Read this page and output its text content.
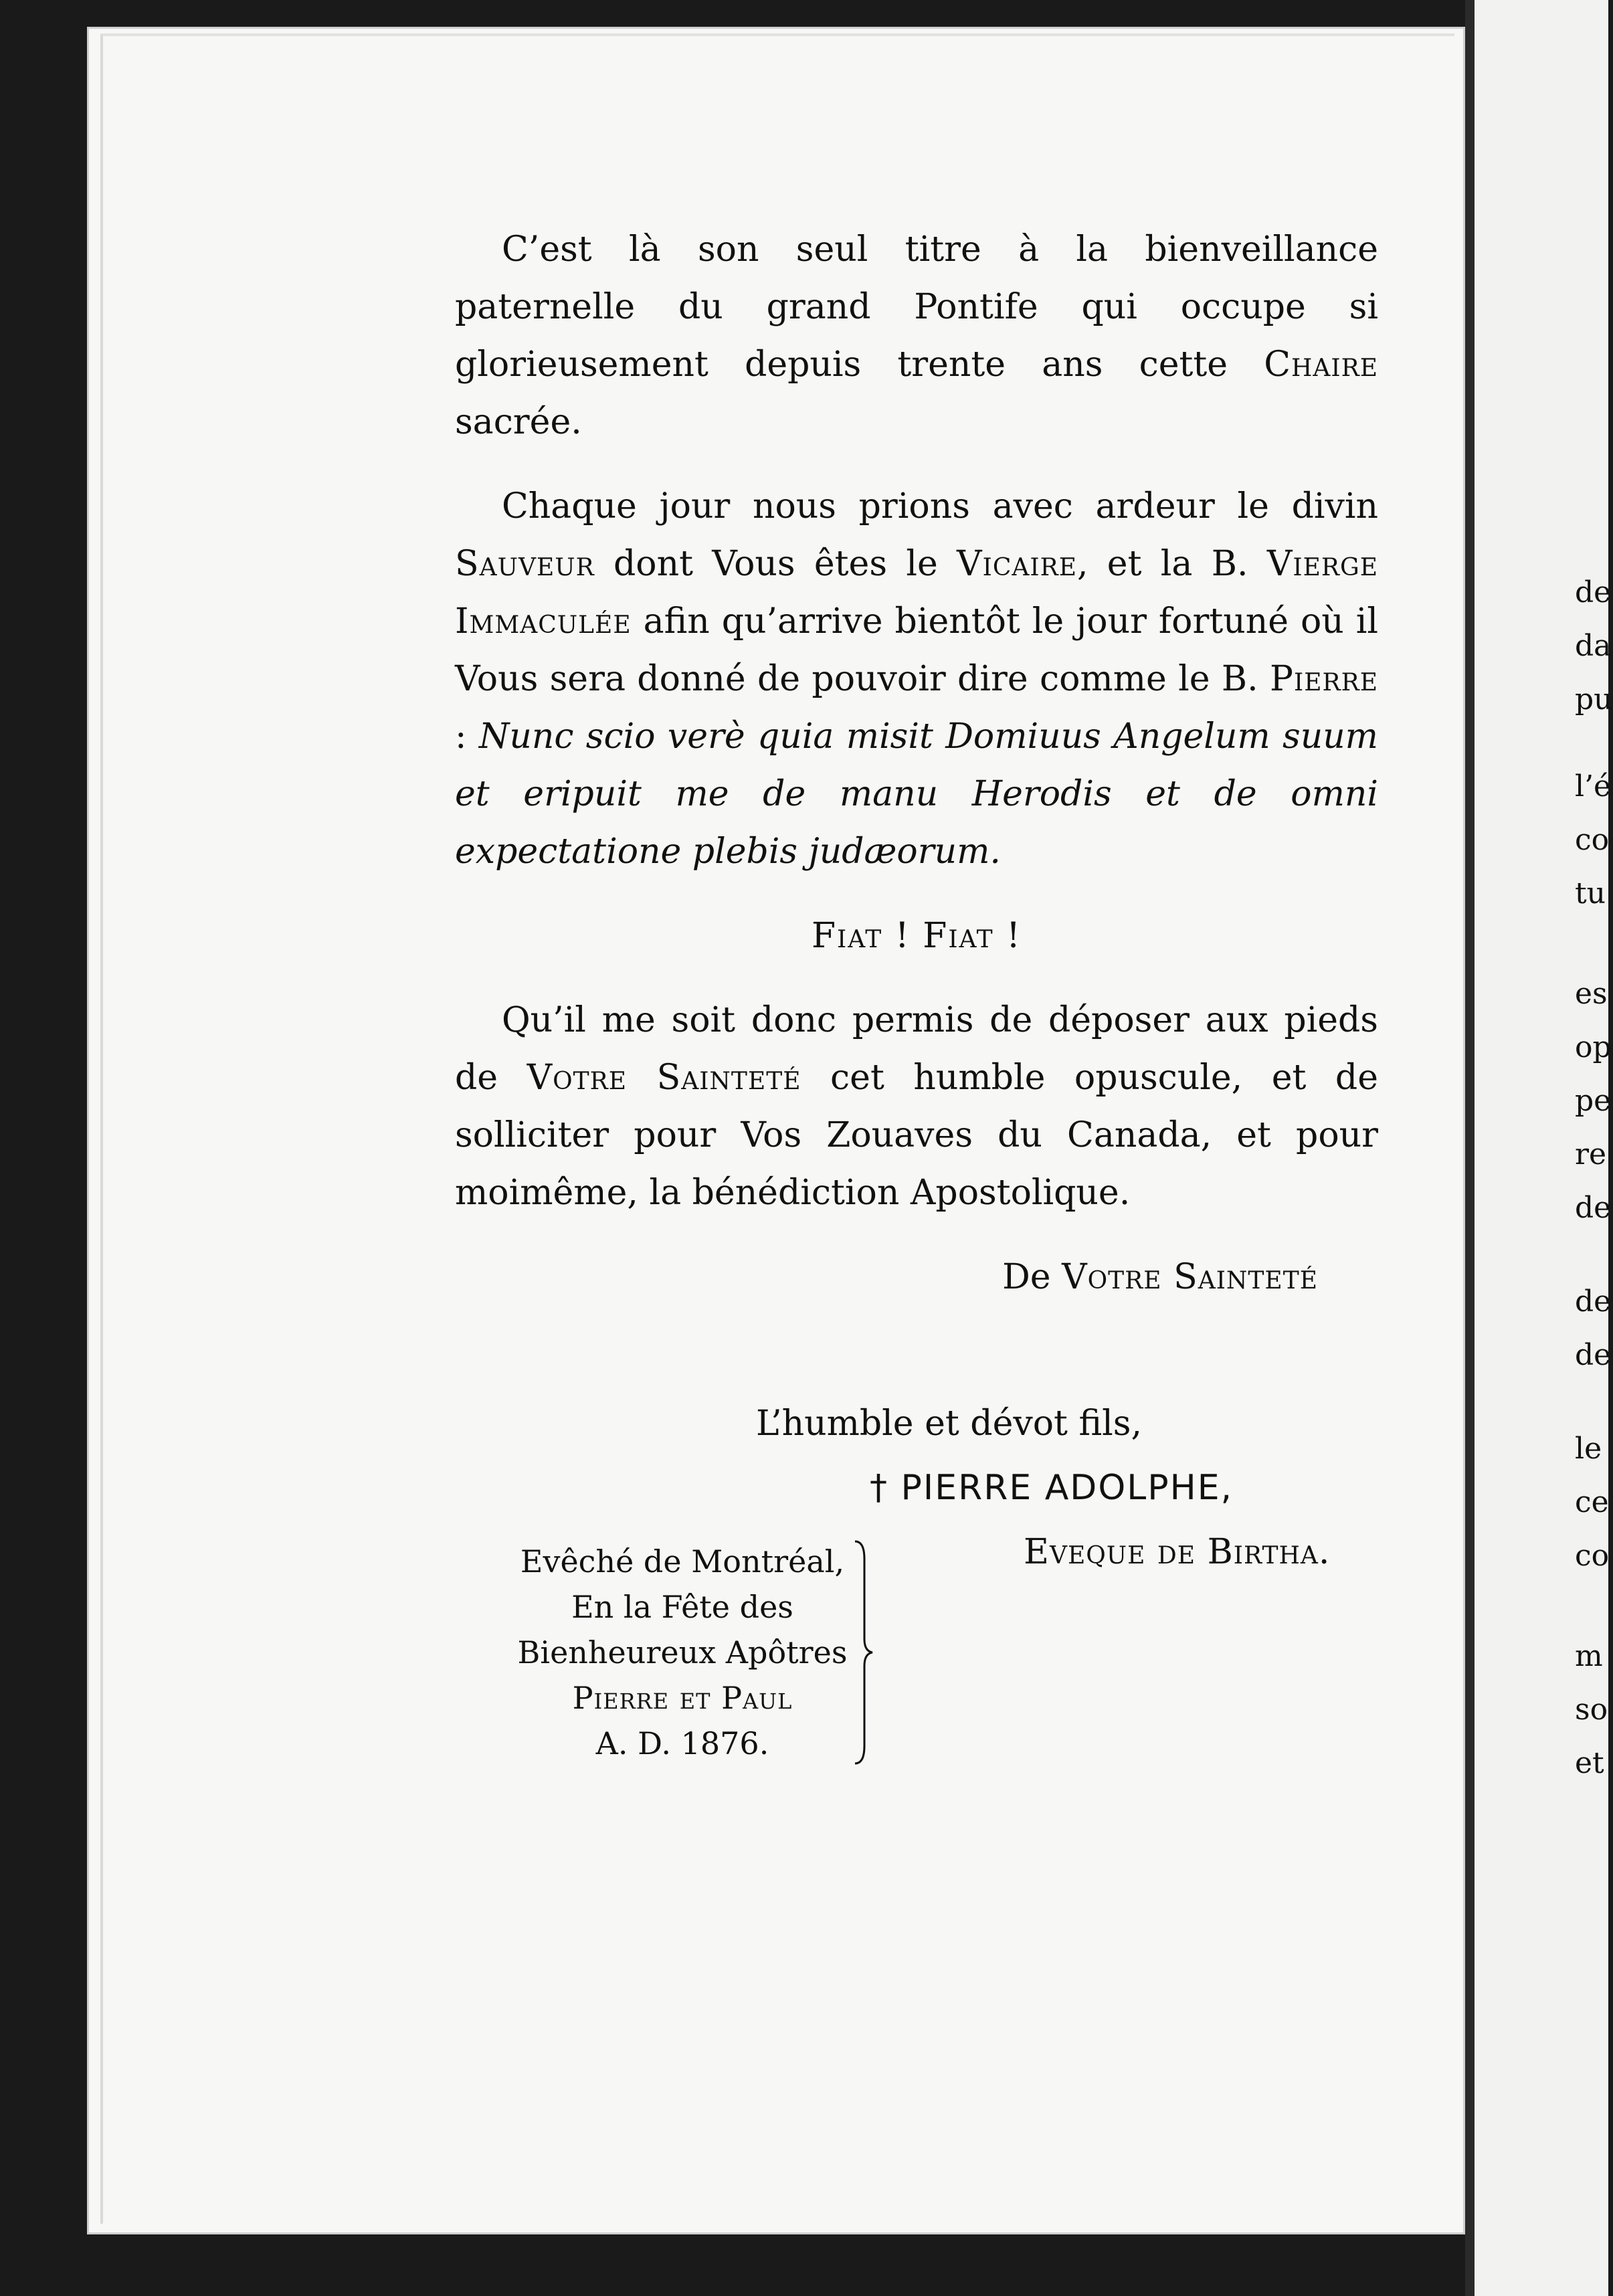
de
da
pu
l’é
co
tu
es
op
pe
re
de
de
de
le
ce
co
m
so
et

C’est là son seul titre à la bienveillance paternelle du grand Pontife qui occupe si glorieusement depuis trente ans cette Chaire sacrée.

Chaque jour nous prions avec ardeur le divin Sauveur dont Vous êtes le Vicaire, et la B. Vierge Immaculée afin qu’arrive bientôt le jour fortuné où il Vous sera donné de pouvoir dire comme le B. Pierre : Nunc scio verè quia misit Domiuus Angelum suum et eripuit me de manu Herodis et de omni expectatione plebis judæorum.

Fiat ! Fiat !

Qu’il me soit donc permis de déposer aux pieds de Votre Sainteté cet humble opuscule, et de solliciter pour Vos Zouaves du Canada, et pour moimême, la bénédiction Apostolique.

De Votre Sainteté
L’humble et dévot fils,
† PIERRE ADOLPHE,
Eveque de Birtha.
Evêché de Montréal,
En la Fête des
Bienheureux Apôtres
Pierre et Paul
A. D. 1876.
